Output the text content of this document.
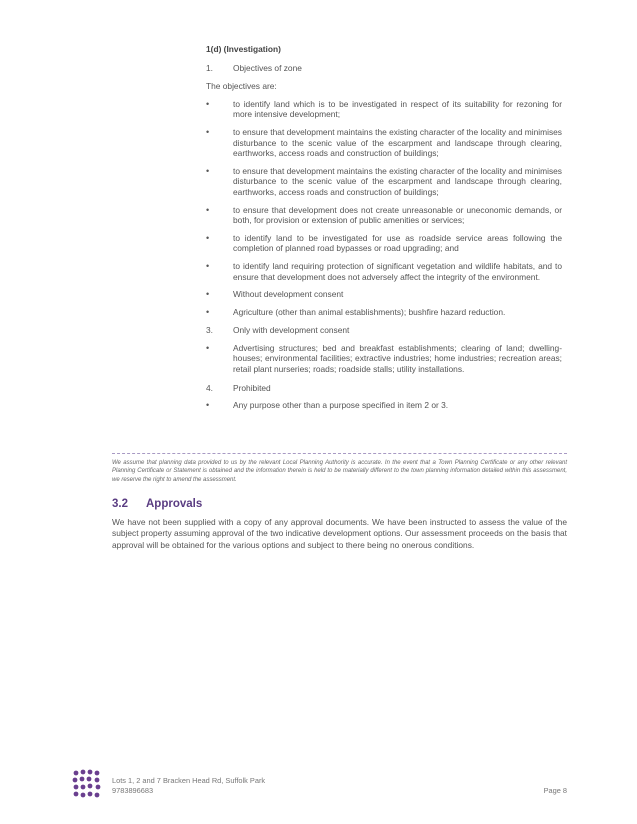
1(d) (Investigation)
1.	Objectives of zone
The objectives are:
•	to identify land which is to be investigated in respect of its suitability for rezoning for more intensive development;
•	to ensure that development maintains the existing character of the locality and minimises disturbance to the scenic value of the escarpment and landscape through clearing, earthworks, access roads and construction of buildings;
•	to ensure that development maintains the existing character of the locality and minimises disturbance to the scenic value of the escarpment and landscape through clearing, earthworks, access roads and construction of buildings;
•	to ensure that development does not create unreasonable or uneconomic demands, or both, for provision or extension of public amenities or services;
•	to identify land to be investigated for use as roadside service areas following the completion of planned road bypasses or road upgrading; and
•	to identify land requiring protection of significant vegetation and wildlife habitats, and to ensure that development does not adversely affect the integrity of the environment.
•	Without development consent
•	Agriculture (other than animal establishments); bushfire hazard reduction.
3.	Only with development consent
•	Advertising structures; bed and breakfast establishments; clearing of land; dwelling-houses; environmental facilities; extractive industries; home industries; recreation areas; retail plant nurseries; roads; roadside stalls; utility installations.
4.	Prohibited
•	Any purpose other than a purpose specified in item 2 or 3.
We assume that planning data provided to us by the relevant Local Planning Authority is accurate. In the event that a Town Planning Certificate or any other relevant Planning Certificate or Statement is obtained and the information therein is held to be materially different to the town planning information detailed within this assessment, we reserve the right to amend the assessment.
3.2	Approvals
We have not been supplied with a copy of any approval documents. We have been instructed to assess the value of the subject property assuming approval of the two indicative development options. Our assessment proceeds on the basis that approval will be obtained for the various options and subject to there being no onerous conditions.
Lots 1, 2 and 7 Bracken Head Rd, Suffolk Park
9783896683	Page 8
